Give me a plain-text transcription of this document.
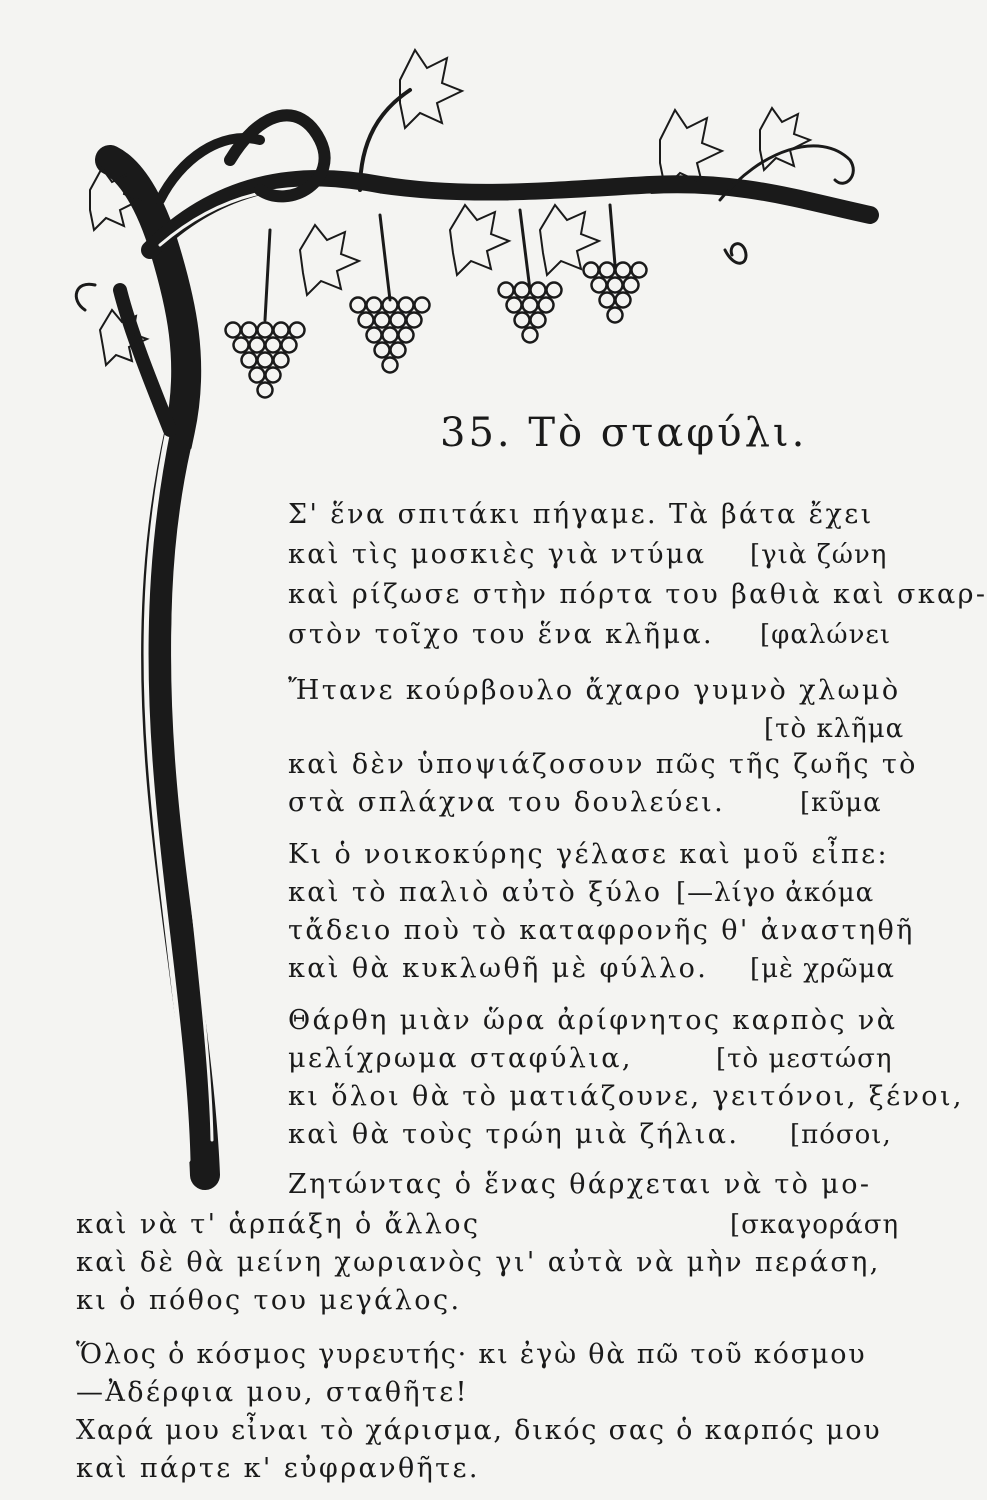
35. Τὸ σταφύλι.
Σ' ἕνα σπιτάκι πήγαμε. Τὰ βάτα ἔχει
καὶ τὶς μοσκιὲς γιὰ ντύμα [γιὰ ζώνη
καὶ ρίζωσε στὴν πόρτα του βαθιὰ καὶ σκαρ-
στὸν τοῖχο του ἕνα κλῆμα. [φαλώνει
Ἤτανε κούρβουλο ἄχαρο γυμνὸ χλωμὸ
[τὸ κλῆμα
καὶ δὲν ὑποψιάζοσουν πῶς τῆς ζωῆς τὸ
στὰ σπλάχνα του δουλεύει.	[κῦμα
Κι ὁ νοικοκύρης γέλασε καὶ μοῦ εἶπε:
καὶ τὸ παλιὸ αὐτὸ ξύλο [—λίγο ἀκόμα
τἄδειο ποὺ τὸ καταφρονῆς θ' ἀναστηθῆ
καὶ θὰ κυκλωθῆ μὲ φύλλο. [μὲ χρῶμα
Θάρθη μιὰν ὥρα ἀρίφνητος καρπὸς νὰ
μελίχρωμα σταφύλια,	[τὸ μεστώση
κι ὅλοι θὰ τὸ ματιάζουνε, γειτόνοι, ξένοι,
καὶ θὰ τοὺς τρώη μιὰ ζήλια. [πόσοι,
Ζητώντας ὁ ἕνας θάρχεται νὰ τὸ μο-
καὶ νὰ τ' ἁρπάξη ὁ ἄλλος	[σκαγοράση
καὶ δὲ θὰ μείνη χωριανὸς γι' αὐτὰ νὰ μὴν περάση,
κι ὁ πόθος του μεγάλος.
Ὅλος ὁ κόσμος γυρευτής· κι ἐγὼ θὰ πῶ τοῦ κόσμου
—Ἀδέρφια μου, σταθῆτε!
Χαρά μου εἶναι τὸ χάρισμα, δικός σας ὁ καρπός μου
καὶ πάρτε κ' εὐφρανθῆτε.
